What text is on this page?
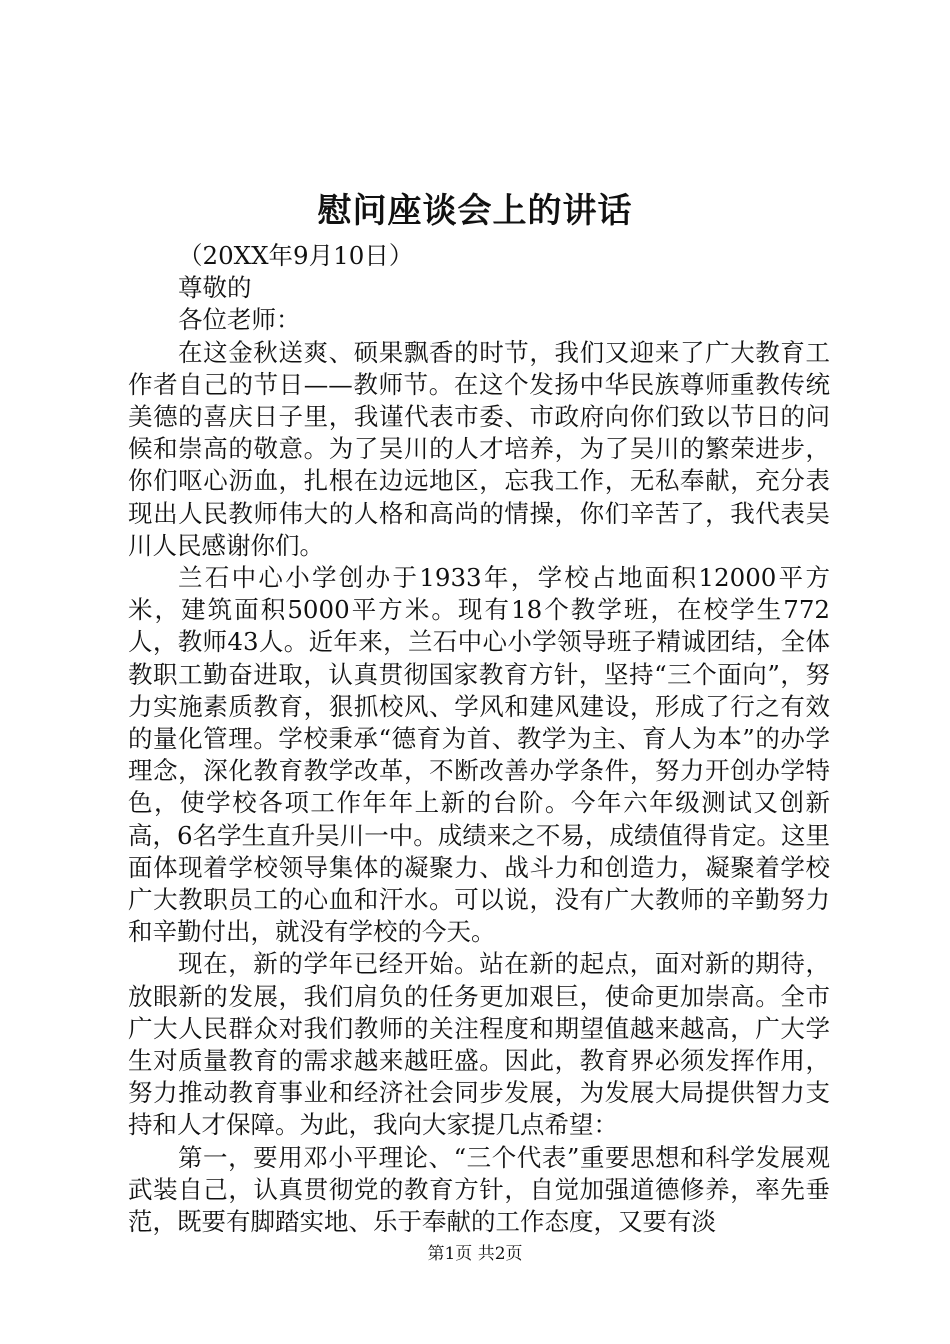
慰问座谈会上的讲话

（20XX年9月10日）

尊敬的

各位老师：

在这金秋送爽、硕果飘香的时节，我们又迎来了广大教育工作者自己的节日——教师节。在这个发扬中华民族尊师重教传统美德的喜庆日子里，我谨代表市委、市政府向你们致以节日的问候和崇高的敬意。为了吴川的人才培养，为了吴川的繁荣进步，你们呕心沥血，扎根在边远地区，忘我工作，无私奉献，充分表现出人民教师伟大的人格和高尚的情操，你们辛苦了，我代表吴川人民感谢你们。

兰石中心小学创办于1933年，学校占地面积12000平方米，建筑面积5000平方米。现有18个教学班，在校学生772人，教师43人。近年来，兰石中心小学领导班子精诚团结，全体教职工勤奋进取，认真贯彻国家教育方针，坚持“三个面向”，努力实施素质教育，狠抓校风、学风和建风建设，形成了行之有效的量化管理。学校秉承“德育为首、教学为主、育人为本”的办学理念，深化教育教学改革，不断改善办学条件，努力开创办学特色，使学校各项工作年年上新的台阶。今年六年级测试又创新高，6名学生直升吴川一中。成绩来之不易，成绩值得肯定。这里面体现着学校领导集体的凝聚力、战斗力和创造力，凝聚着学校广大教职员工的心血和汗水。可以说，没有广大教师的辛勤努力和辛勤付出，就没有学校的今天。

现在，新的学年已经开始。站在新的起点，面对新的期待，放眼新的发展，我们肩负的任务更加艰巨，使命更加崇高。全市广大人民群众对我们教师的关注程度和期望值越来越高，广大学生对质量教育的需求越来越旺盛。因此，教育界必须发挥作用，努力推动教育事业和经济社会同步发展，为发展大局提供智力支持和人才保障。为此，我向大家提几点希望：

第一，要用邓小平理论、“三个代表”重要思想和科学发展观武装自己，认真贯彻党的教育方针，自觉加强道德修养，率先垂范，既要有脚踏实地、乐于奉献的工作态度，又要有淡

第1页 共2页
